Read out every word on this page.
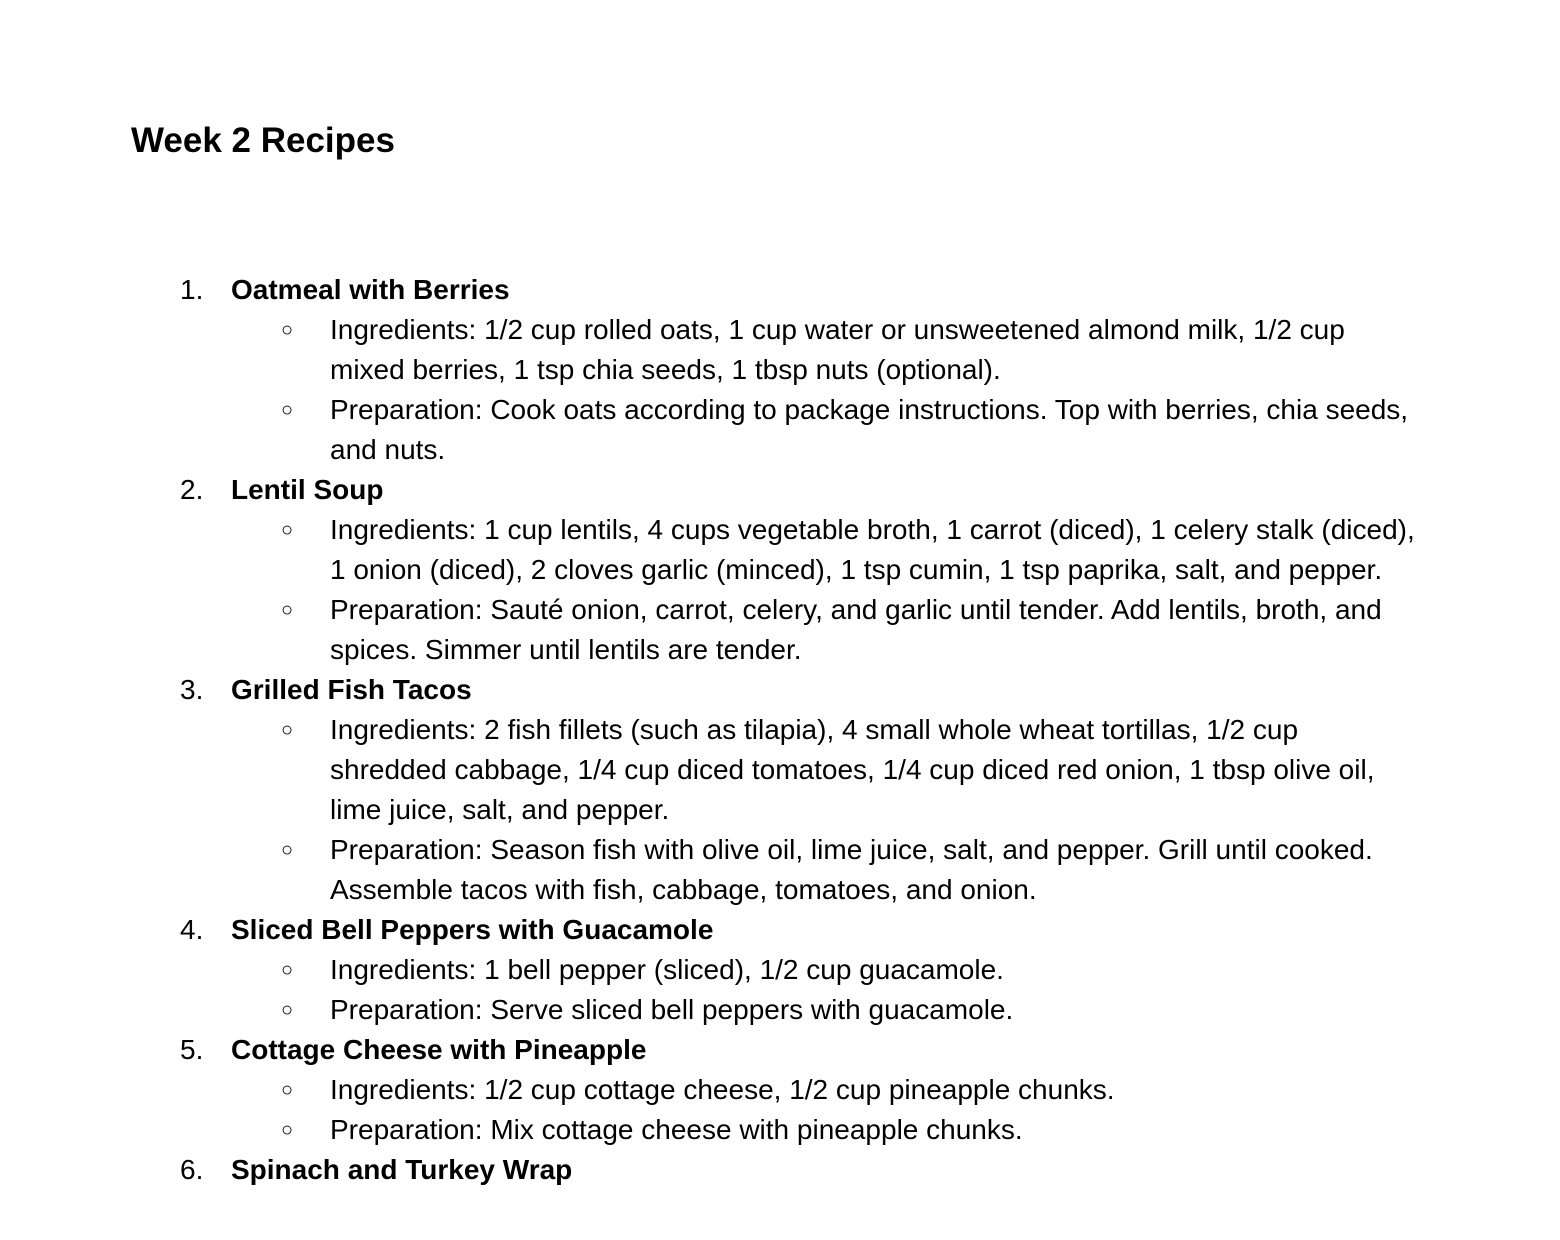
Week 2 Recipes
1. Oatmeal with Berries
○ Ingredients: 1/2 cup rolled oats, 1 cup water or unsweetened almond milk, 1/2 cup mixed berries, 1 tsp chia seeds, 1 tbsp nuts (optional).
○ Preparation: Cook oats according to package instructions. Top with berries, chia seeds, and nuts.
2. Lentil Soup
○ Ingredients: 1 cup lentils, 4 cups vegetable broth, 1 carrot (diced), 1 celery stalk (diced), 1 onion (diced), 2 cloves garlic (minced), 1 tsp cumin, 1 tsp paprika, salt, and pepper.
○ Preparation: Sauté onion, carrot, celery, and garlic until tender. Add lentils, broth, and spices. Simmer until lentils are tender.
3. Grilled Fish Tacos
○ Ingredients: 2 fish fillets (such as tilapia), 4 small whole wheat tortillas, 1/2 cup shredded cabbage, 1/4 cup diced tomatoes, 1/4 cup diced red onion, 1 tbsp olive oil, lime juice, salt, and pepper.
○ Preparation: Season fish with olive oil, lime juice, salt, and pepper. Grill until cooked. Assemble tacos with fish, cabbage, tomatoes, and onion.
4. Sliced Bell Peppers with Guacamole
○ Ingredients: 1 bell pepper (sliced), 1/2 cup guacamole.
○ Preparation: Serve sliced bell peppers with guacamole.
5. Cottage Cheese with Pineapple
○ Ingredients: 1/2 cup cottage cheese, 1/2 cup pineapple chunks.
○ Preparation: Mix cottage cheese with pineapple chunks.
6. Spinach and Turkey Wrap
